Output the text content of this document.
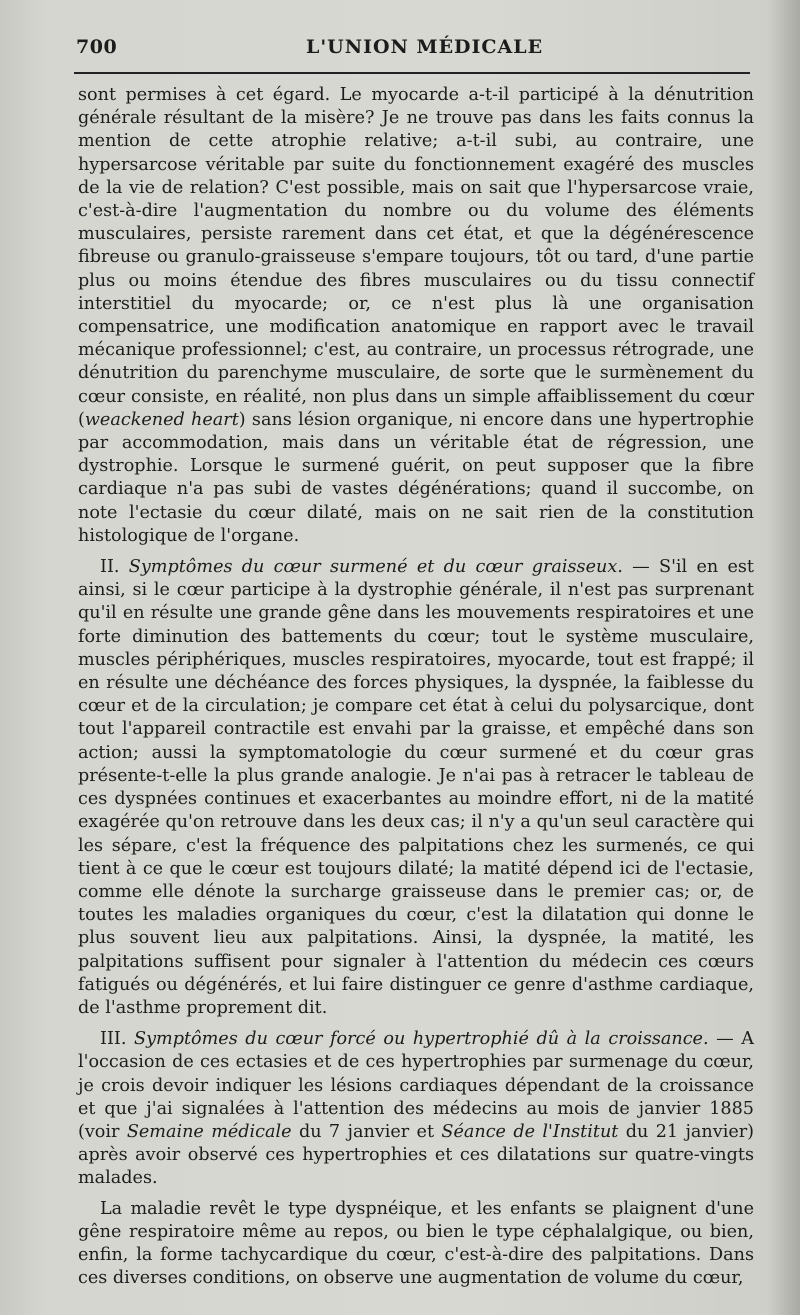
700	L'UNION MÉDICALE

sont permises à cet égard. Le myocarde a-t-il participé à la dénutrition générale résultant de la misère? Je ne trouve pas dans les faits connus la mention de cette atrophie relative; a-t-il subi, au contraire, une hypersarcose véritable par suite du fonctionnement exagéré des muscles de la vie de relation? C'est possible, mais on sait que l'hypersarcose vraie, c'est-à-dire l'augmentation du nombre ou du volume des éléments musculaires, persiste rarement dans cet état, et que la dégénérescence fibreuse ou granulo-graisseuse s'empare toujours, tôt ou tard, d'une partie plus ou moins étendue des fibres musculaires ou du tissu connectif interstitiel du myocarde; or, ce n'est plus là une organisation compensatrice, une modification anatomique en rapport avec le travail mécanique professionnel; c'est, au contraire, un processus rétrograde, une dénutrition du parenchyme musculaire, de sorte que le surmènement du cœur consiste, en réalité, non plus dans un simple affaiblissement du cœur (weackened heart) sans lésion organique, ni encore dans une hypertrophie par accommodation, mais dans un véritable état de régression, une dystrophie. Lorsque le surmené guérit, on peut supposer que la fibre cardiaque n'a pas subi de vastes dégénérations; quand il succombe, on note l'ectasie du cœur dilaté, mais on ne sait rien de la constitution histologique de l'organe.

II. Symptômes du cœur surmené et du cœur graisseux. — S'il en est ainsi, si le cœur participe à la dystrophie générale, il n'est pas surprenant qu'il en résulte une grande gêne dans les mouvements respiratoires et une forte diminution des battements du cœur; tout le système musculaire, muscles périphériques, muscles respiratoires, myocarde, tout est frappé; il en résulte une déchéance des forces physiques, la dyspnée, la faiblesse du cœur et de la circulation; je compare cet état à celui du polysarcique, dont tout l'appareil contractile est envahi par la graisse, et empêché dans son action; aussi la symptomatologie du cœur surmené et du cœur gras présente-t-elle la plus grande analogie. Je n'ai pas à retracer le tableau de ces dyspnées continues et exacerbantes au moindre effort, ni de la matité exagérée qu'on retrouve dans les deux cas; il n'y a qu'un seul caractère qui les sépare, c'est la fréquence des palpitations chez les surmenés, ce qui tient à ce que le cœur est toujours dilaté; la matité dépend ici de l'ectasie, comme elle dénote la surcharge graisseuse dans le premier cas; or, de toutes les maladies organiques du cœur, c'est la dilatation qui donne le plus souvent lieu aux palpitations. Ainsi, la dyspnée, la matité, les palpitations suffisent pour signaler à l'attention du médecin ces cœurs fatigués ou dégénérés, et lui faire distinguer ce genre d'asthme cardiaque, de l'asthme proprement dit.

III. Symptômes du cœur forcé ou hypertrophié dû à la croissance. — A l'occasion de ces ectasies et de ces hypertrophies par surmenage du cœur, je crois devoir indiquer les lésions cardiaques dépendant de la croissance et que j'ai signalées à l'attention des médecins au mois de janvier 1885 (voir Semaine médicale du 7 janvier et Séance de l'Institut du 21 janvier) après avoir observé ces hypertrophies et ces dilatations sur quatre-vingts malades.

La maladie revêt le type dyspnéique, et les enfants se plaignent d'une gêne respiratoire même au repos, ou bien le type céphalalgique, ou bien, enfin, la forme tachycardique du cœur, c'est-à-dire des palpitations. Dans ces diverses conditions, on observe une augmentation de volume du cœur,
